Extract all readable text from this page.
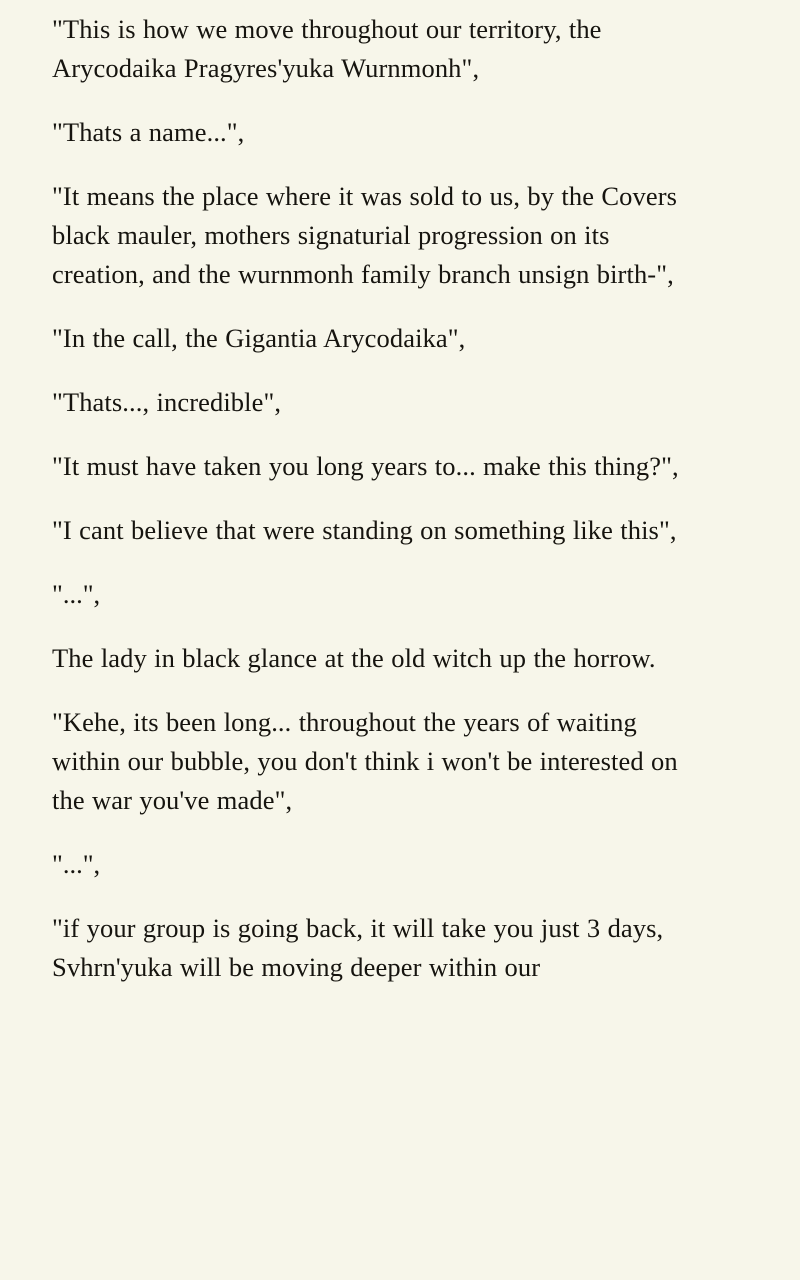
"This is how we move throughout our territory, the Arycodaika Pragyres'yuka Wurnmonh",

"Thats a name...",

"It means the place where it was sold to us, by the Covers black mauler, mothers signaturial progression on its creation, and the wurnmonh family branch unsign birth-",

"In the call, the Gigantia Arycodaika",

"Thats..., incredible",

"It must have taken you long years to... make this thing?",

"I cant believe that were standing on something like this",

"...",

The lady in black glance at the old witch up the horrow.

"Kehe, its been long... throughout the years of waiting within our bubble, you don't think i won't be interested on the war you've made",

"...",

"if your group is going back, it will take you just 3 days, Svhrn'yuka will be moving deeper within our
